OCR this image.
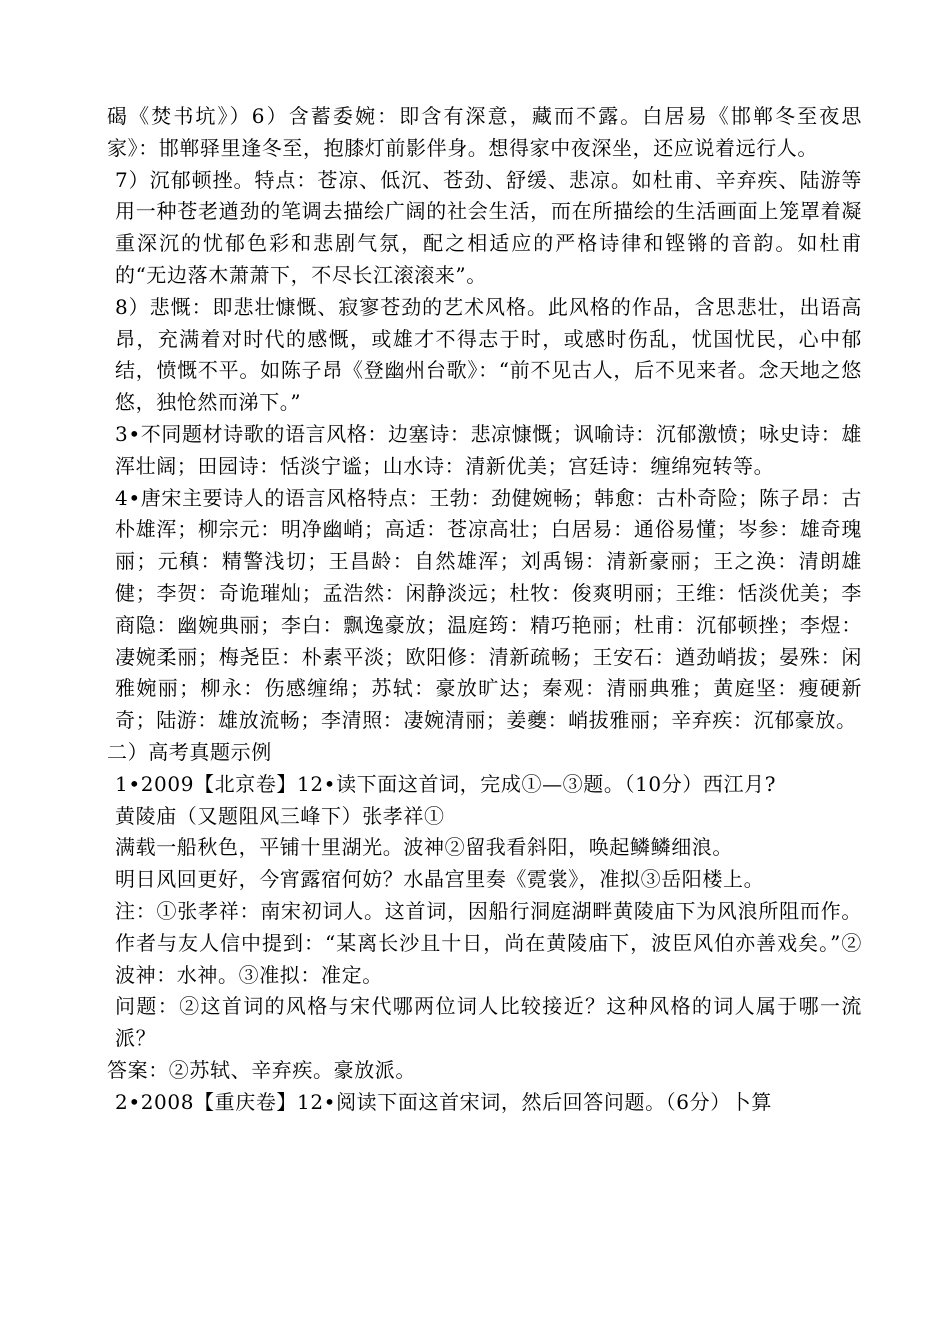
碣《焚书坑》）6）含蓄委婉：即含有深意，藏而不露。白居易《邯郸冬至夜思家》：邯郸驿里逢冬至，抱膝灯前影伴身。想得家中夜深坐，还应说着远行人。

7）沉郁顿挫。特点：苍凉、低沉、苍劲、舒缓、悲凉。如杜甫、辛弃疾、陆游等用一种苍老遒劲的笔调去描绘广阔的社会生活，而在所描绘的生活画面上笼罩着凝重深沉的忧郁色彩和悲剧气氛，配之相适应的严格诗律和铿锵的音韵。如杜甫的“无边落木萧萧下，不尽长江滚滚来”。

8）悲慨：即悲壮慷慨、寂寥苍劲的艺术风格。此风格的作品，含思悲壮，出语高昂，充满着对时代的感慨，或雄才不得志于时，或感时伤乱，忧国忧民，心中郁结，愤慨不平。如陈子昂《登幽州台歌》：“前不见古人，后不见来者。念天地之悠悠，独怆然而涕下。”

3•不同题材诗歌的语言风格：边塞诗：悲凉慷慨；讽喻诗：沉郁激愤；咏史诗：雄浑壮阔；田园诗：恬淡宁谧；山水诗：清新优美；宫廷诗：缠绵宛转等。

4•唐宋主要诗人的语言风格特点：王勃：劲健婉畅；韩愈：古朴奇险；陈子昂：古朴雄浑；柳宗元：明净幽峭；高适：苍凉高壮；白居易：通俗易懂；岑参：雄奇瑰丽；元稹：精警浅切；王昌龄：自然雄浑；刘禹锡：清新豪丽；王之涣：清朗雄健；李贺：奇诡璀灿；孟浩然：闲静淡远；杜牧：俊爽明丽；王维：恬淡优美；李商隐：幽婉典丽；李白：飘逸豪放；温庭筠：精巧艳丽；杜甫：沉郁顿挫；李煜：凄婉柔丽；梅尧臣：朴素平淡；欧阳修：清新疏畅；王安石：遒劲峭拔；晏殊：闲雅婉丽；柳永：伤感缠绵；苏轼：豪放旷达；秦观：清丽典雅；黄庭坚：瘦硬新奇；陆游：雄放流畅；李清照：凄婉清丽；姜夔：峭拔雅丽；辛弃疾：沉郁豪放。

二）高考真题示例

1•2009【北京卷】12•读下面这首词，完成①—③题。（10分）西江月?

黄陵庙（又题阻风三峰下）张孝祥①

满载一船秋色，平铺十里湖光。波神②留我看斜阳，唤起鳞鳞细浪。

明日风回更好，今宵露宿何妨？水晶宫里奏《霓裳》，准拟③岳阳楼上。

注：①张孝祥：南宋初词人。这首词，因船行洞庭湖畔黄陵庙下为风浪所阻而作。作者与友人信中提到：“某离长沙且十日，尚在黄陵庙下，波臣风伯亦善戏矣。”②波神：水神。③准拟：准定。

问题：②这首词的风格与宋代哪两位词人比较接近？这种风格的词人属于哪一流派？

答案：②苏轼、辛弃疾。豪放派。

2•2008【重庆卷】12•阅读下面这首宋词，然后回答问题。（6分）卜算
